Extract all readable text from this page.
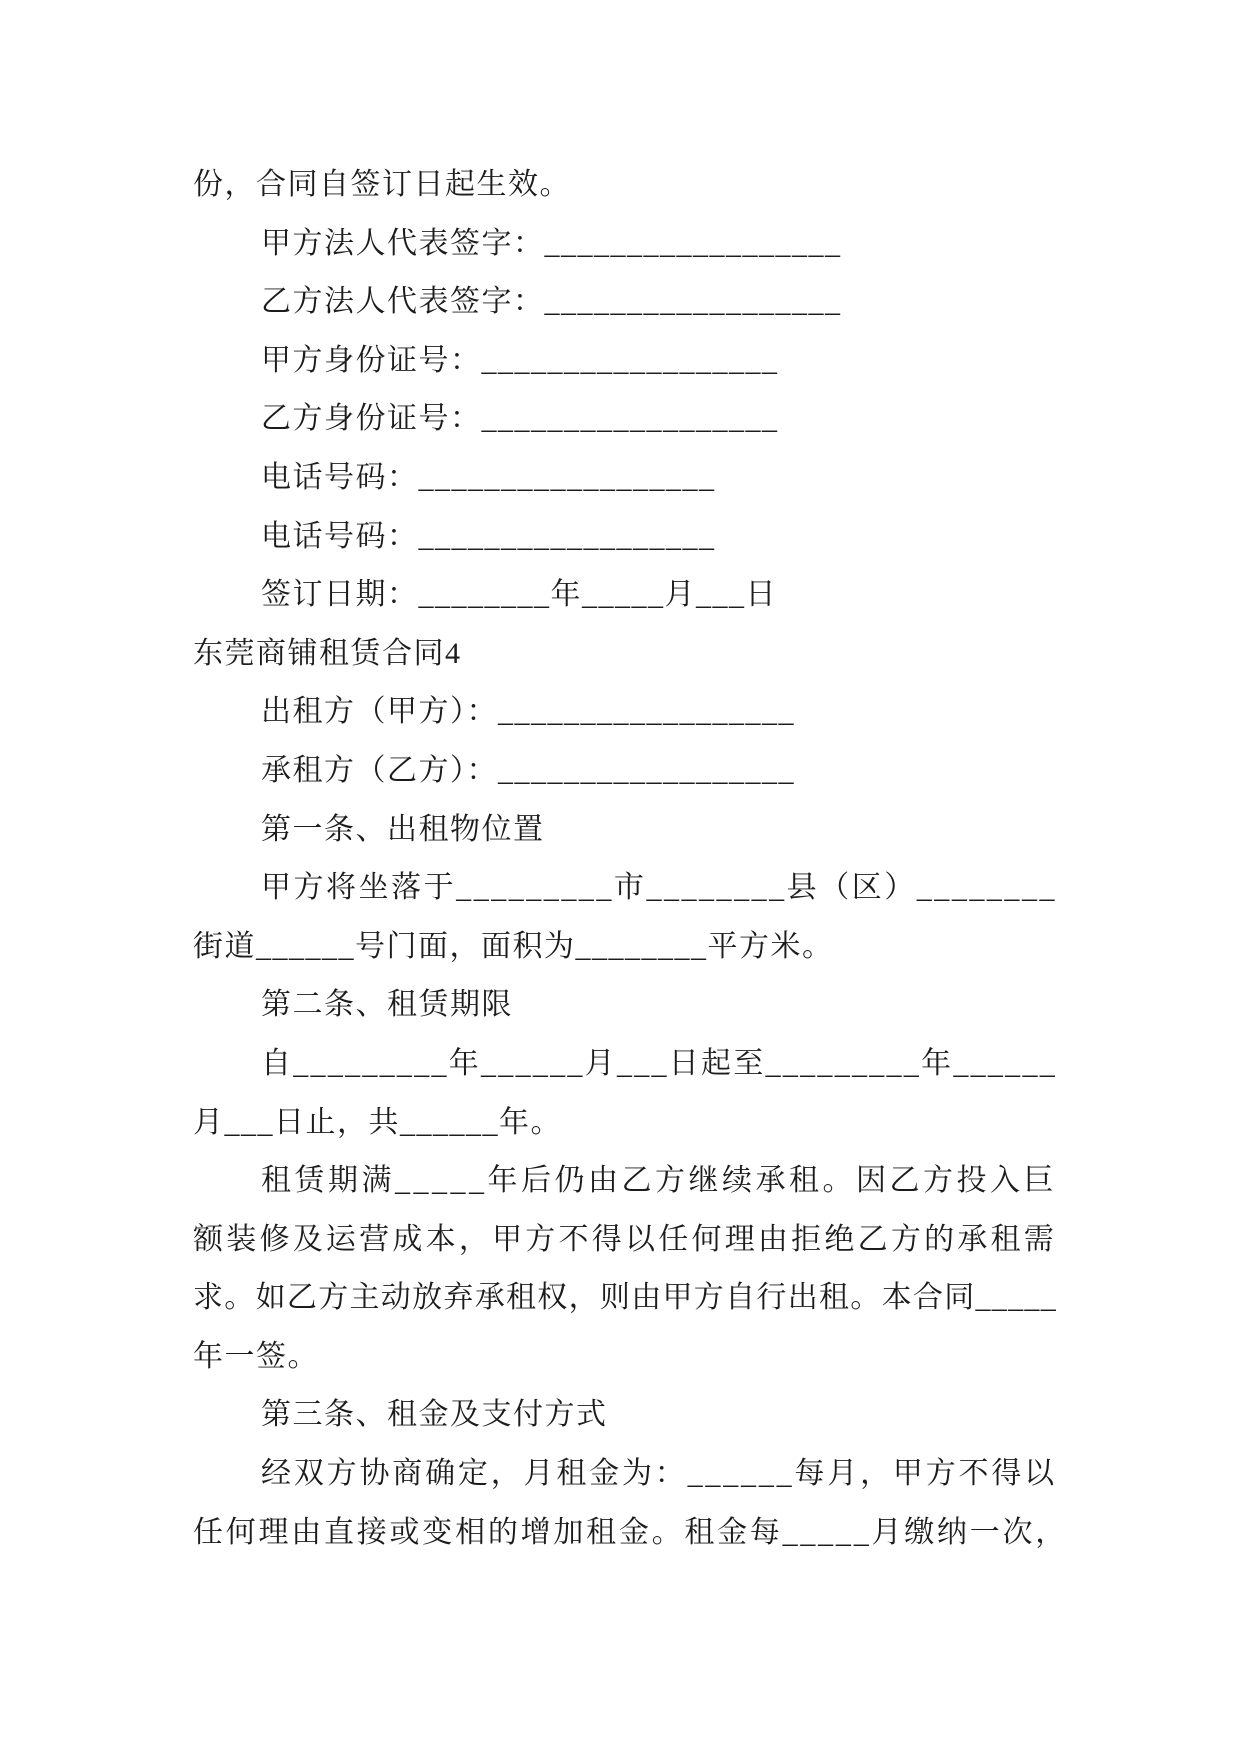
份，合同自签订日起生效。
甲方法人代表签字：__________________
乙方法人代表签字：__________________
甲方身份证号：__________________
乙方身份证号：__________________
电话号码：__________________
电话号码：__________________
签订日期：________年_____月___日
东莞商铺租赁合同4
出租方（甲方）：__________________
承租方（乙方）：__________________
第一条、出租物位置
甲方将坐落于_________市________县（区）________
街道______号门面，面积为________平方米。
第二条、租赁期限
自_________年______月___日起至_________年______
月___日止，共______年。
租赁期满_____年后仍由乙方继续承租。因乙方投入巨
额装修及运营成本，甲方不得以任何理由拒绝乙方的承租需
求。如乙方主动放弃承租权，则由甲方自行出租。本合同_____
年一签。
第三条、租金及支付方式
经双方协商确定，月租金为：______每月，甲方不得以
任何理由直接或变相的增加租金。租金每_____月缴纳一次，
